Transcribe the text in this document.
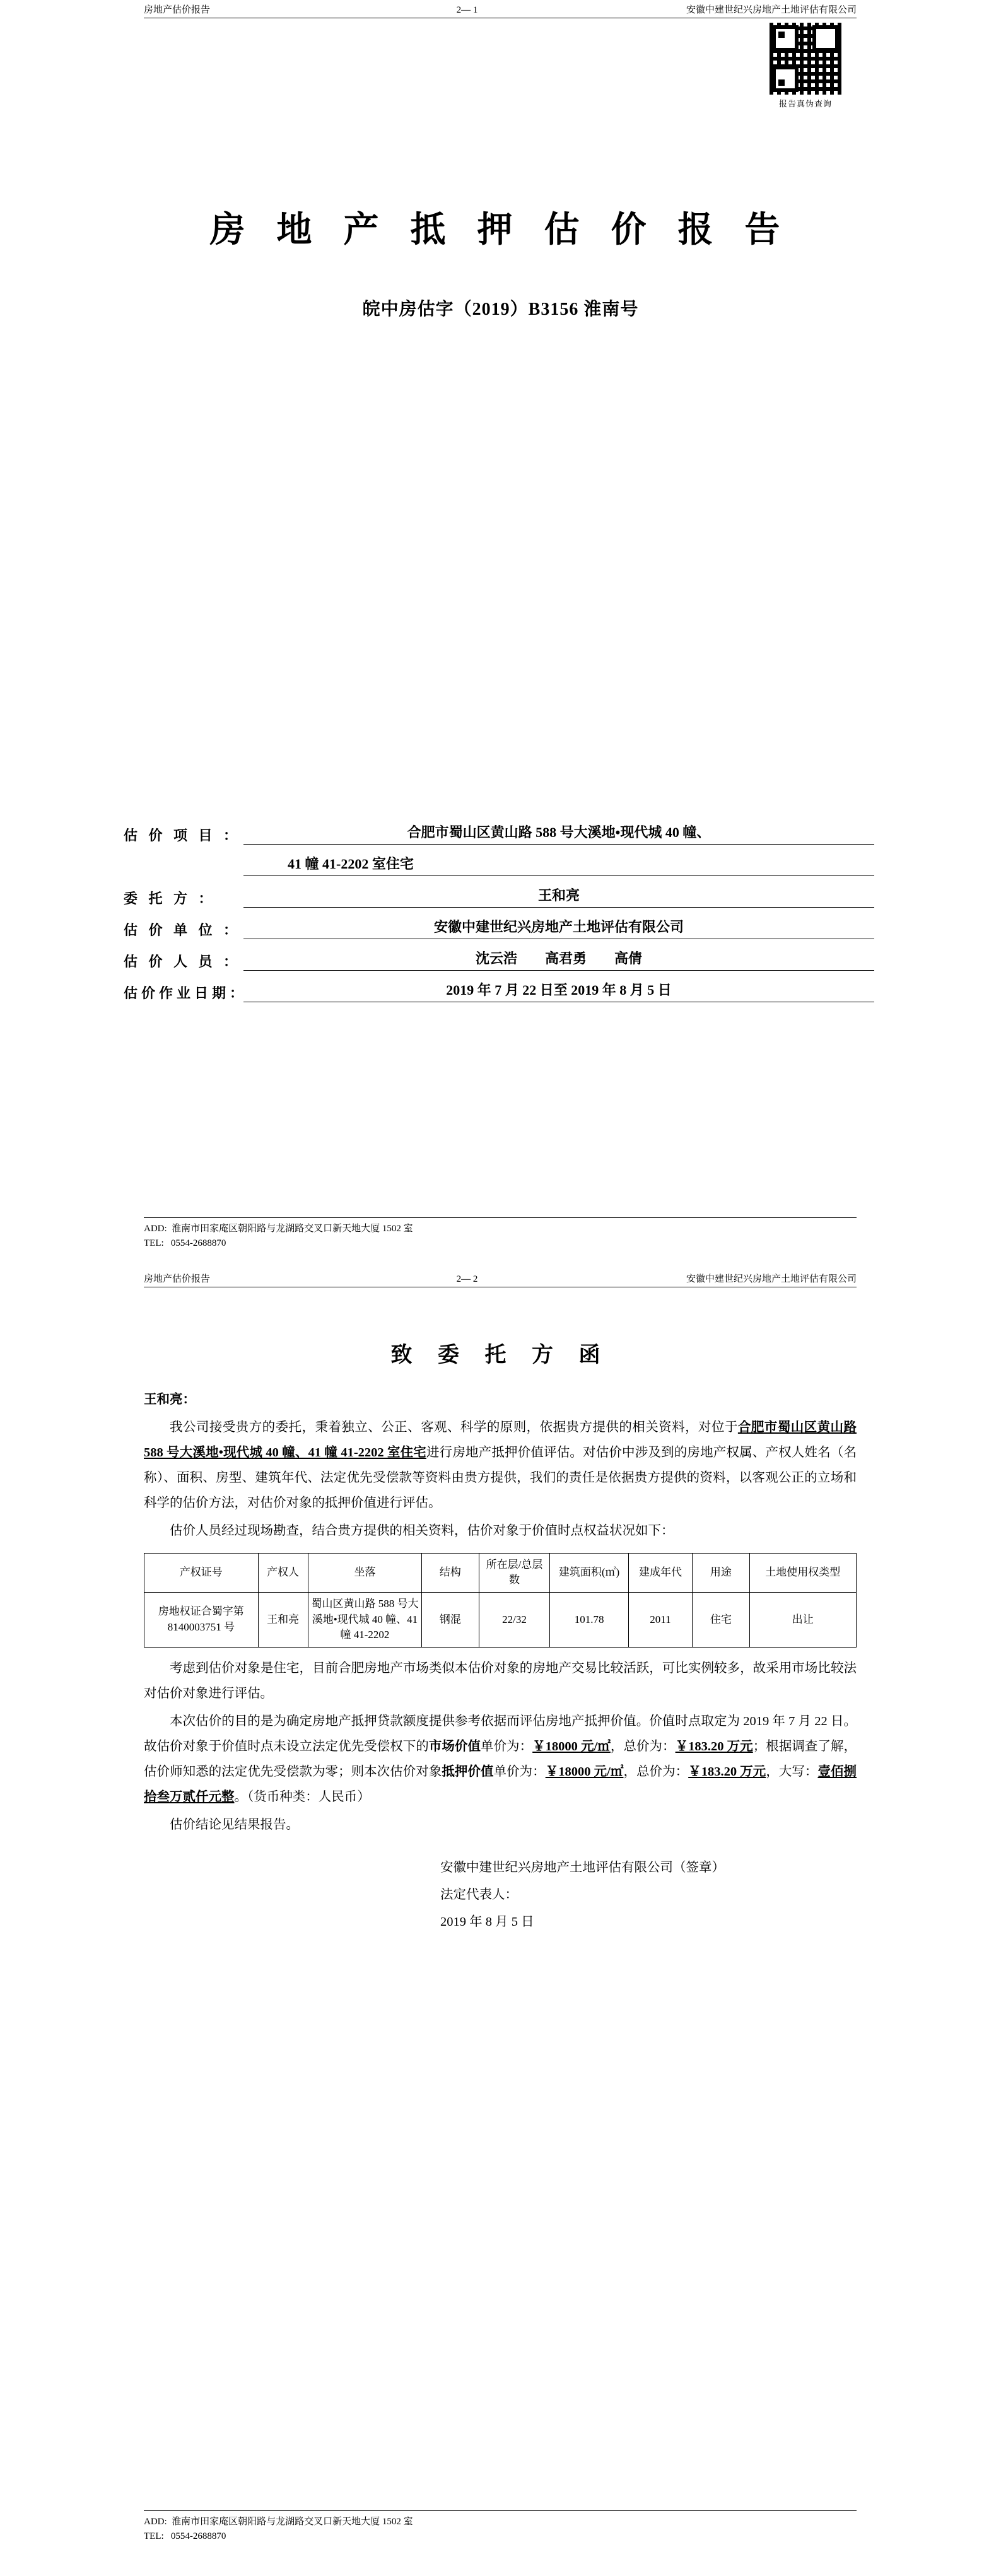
房地产估价报告	2— 1	安徽中建世纪兴房地产土地评估有限公司
报告真伪查询
房 地 产 抵 押 估 价 报 告
皖中房估字（2019）B3156 淮南号
估 价 项 目 ：	合肥市蜀山区黄山路 588 号大溪地•现代城 40 幢、
41 幢 41-2202 室住宅
委 托 方 ：	王和亮
估 价 单 位 ：	安徽中建世纪兴房地产土地评估有限公司
估 价 人 员 ：	沈云浩　　高君勇　　高倩
估价作业日期：	2019 年 7 月 22 日至 2019 年 8 月 5 日
ADD:  淮南市田家庵区朝阳路与龙湖路交叉口新天地大厦 1502 室
TEL:   0554-2688870
房地产估价报告	2— 2	安徽中建世纪兴房地产土地评估有限公司
致 委 托 方 函

王和亮：

我公司接受贵方的委托，秉着独立、公正、客观、科学的原则，依据贵方提供的相关资料，对位于合肥市蜀山区黄山路 588 号大溪地•现代城 40 幢、41 幢 41-2202 室住宅进行房地产抵押价值评估。对估价中涉及到的房地产权属、产权人姓名（名称）、面积、房型、建筑年代、法定优先受偿款等资料由贵方提供，我们的责任是依据贵方提供的资料，以客观公正的立场和科学的估价方法，对估价对象的抵押价值进行评估。

估价人员经过现场勘查，结合贵方提供的相关资料，估价对象于价值时点权益状况如下：

产权证号	产权人	坐落	结构	所在层/总层数	建筑面积(㎡)	建成年代	用途	土地使用权类型
房地权证合蜀字第 8140003751 号	王和亮	蜀山区黄山路 588 号大溪地•现代城 40 幢、41 幢 41-2202	钢混	22/32	101.78	2011	住宅	出让

考虑到估价对象是住宅，目前合肥房地产市场类似本估价对象的房地产交易比较活跃，可比实例较多，故采用市场比较法对估价对象进行评估。

本次估价的目的是为确定房地产抵押贷款额度提供参考依据而评估房地产抵押价值。价值时点取定为 2019 年 7 月 22 日。故估价对象于价值时点未设立法定优先受偿权下的市场价值单价为：￥18000 元/㎡，总价为：￥183.20 万元；根据调查了解，估价师知悉的法定优先受偿款为零；则本次估价对象抵押价值单价为：￥18000 元/㎡，总价为：￥183.20 万元，大写：壹佰捌拾叁万贰仟元整。（货币种类：人民币）

估价结论见结果报告。

安徽中建世纪兴房地产土地评估有限公司（签章）
法定代表人：
2019 年 8 月 5 日
ADD:  淮南市田家庵区朝阳路与龙湖路交叉口新天地大厦 1502 室
TEL:   0554-2688870
